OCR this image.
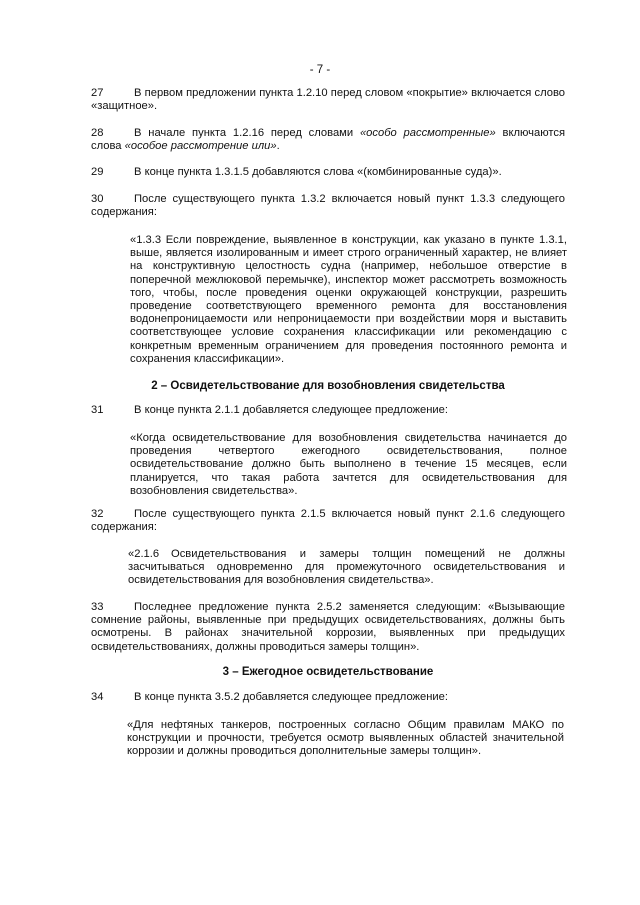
- 7 -
27	В первом предложении пункта 1.2.10 перед словом «покрытие» включается слово «защитное».
28	В начале пункта 1.2.16 перед словами «особо рассмотренные» включаются слова «особое рассмотрение или».
29	В конце пункта 1.3.1.5 добавляются слова «(комбинированные суда)».
30	После существующего пункта 1.3.2 включается новый пункт 1.3.3 следующего содержания:
«1.3.3 Если повреждение, выявленное в конструкции, как указано в пункте 1.3.1, выше, является изолированным и имеет строго ограниченный характер, не влияет на конструктивную целостность судна (например, небольшое отверстие в поперечной межлюковой перемычке), инспектор может рассмотреть возможность того, чтобы, после проведения оценки окружающей конструкции, разрешить проведение соответствующего временного ремонта для восстановления водонепроницаемости или непроницаемости при воздействии моря и выставить соответствующее условие сохранения классификации или рекомендацию с конкретным временным ограничением для проведения постоянного ремонта и сохранения классификации».
2 – Освидетельствование для возобновления свидетельства
31	В конце пункта 2.1.1 добавляется следующее предложение:
«Когда освидетельствование для возобновления свидетельства начинается до проведения четвертого ежегодного освидетельствования, полное освидетельствование должно быть выполнено в течение 15 месяцев, если планируется, что такая работа зачтется для освидетельствования для возобновления свидетельства».
32	После существующего пункта 2.1.5 включается новый пункт 2.1.6 следующего содержания:
«2.1.6 Освидетельствования и замеры толщин помещений не должны засчитываться одновременно для промежуточного освидетельствования и освидетельствования для возобновления свидетельства».
33	Последнее предложение пункта 2.5.2 заменяется следующим: «Вызывающие сомнение районы, выявленные при предыдущих освидетельствованиях, должны быть осмотрены. В районах значительной коррозии, выявленных при предыдущих освидетельствованиях, должны проводиться замеры толщин».
3 – Ежегодное освидетельствование
34	В конце пункта 3.5.2 добавляется следующее предложение:
«Для нефтяных танкеров, построенных согласно Общим правилам МАКО по конструкции и прочности, требуется осмотр выявленных областей значительной коррозии и должны проводиться дополнительные замеры толщин».
